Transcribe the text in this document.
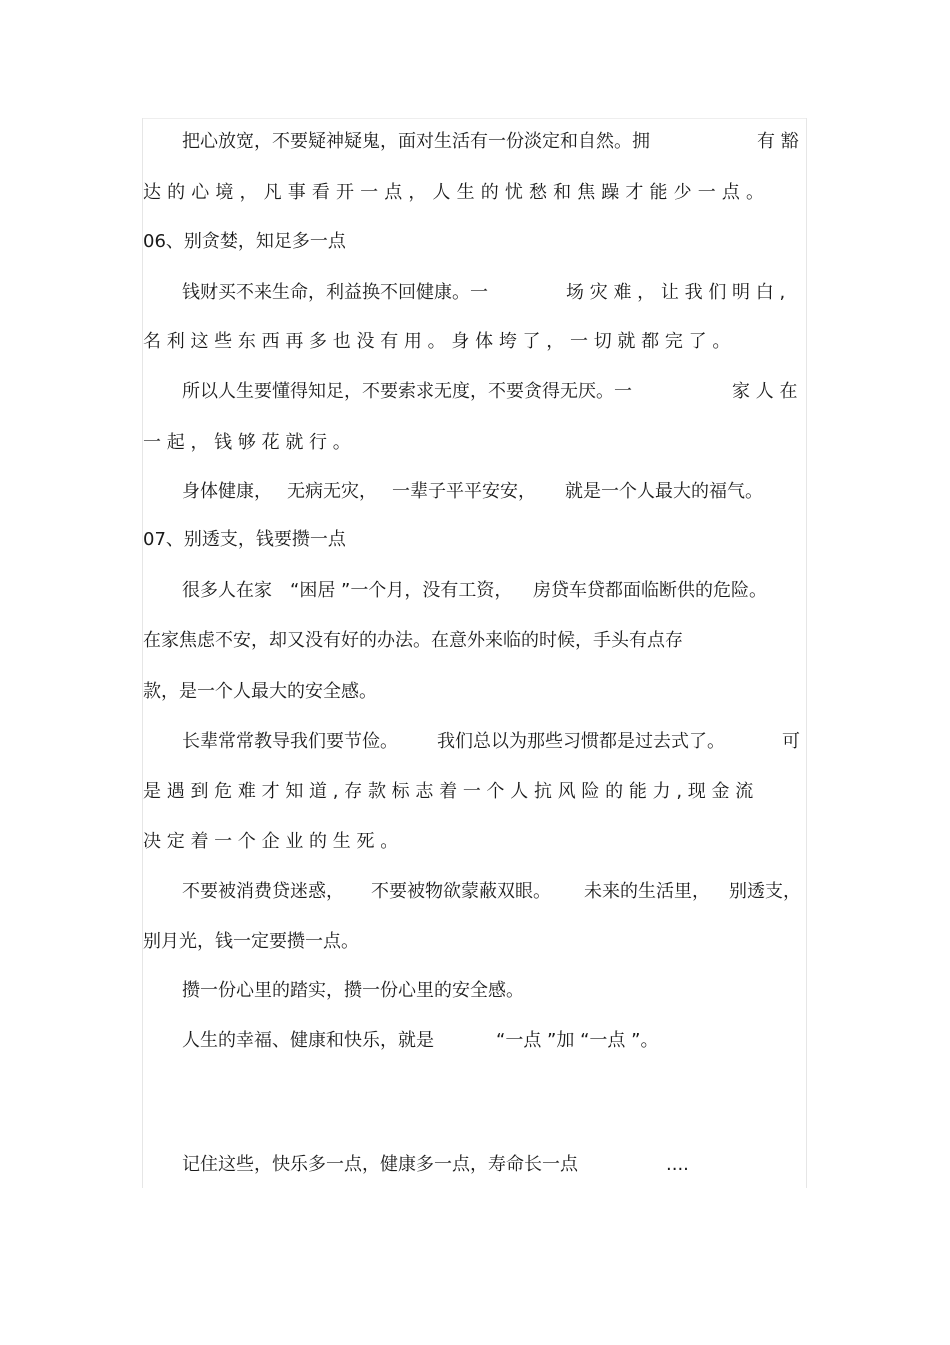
把心放宽，不要疑神疑鬼，面对生活有一份淡定和自然。拥	有 豁
达 的 心 境 ， 凡 事 看 开 一 点 ， 人 生 的 忧 愁 和 焦 躁 才 能 少 一 点 。
06、别贪婪，知足多一点
钱财买不来生命，利益换不回健康。一	场 灾 难 ， 让 我 们 明 白 ,
名 利 这 些 东 西 再 多 也 没 有 用 。 身 体 垮 了 ， 一 切 就 都 完 了 。
所以人生要懂得知足，不要索求无度，不要贪得无厌。一	家 人 在
一 起 ， 钱 够 花 就 行 。
身体健康， 无病无灾， 一辈子平平安安， 就是一个人最大的福气。
07、别透支，钱要攒一点
很多人在家 “困居 ”一个月，没有工资， 房贷车贷都面临断供的危险。
在家焦虑不安，却又没有好的办法。在意外来临的时候，手头有点存
款，是一个人最大的安全感。
长辈常常教导我们要节俭。 我们总以为那些习惯都是过去式了。	可
是 遇 到 危 难 才 知 道 , 存 款 标 志 着 一 个 人 抗 风 险 的 能 力 , 现 金 流
决 定 着 一 个 企 业 的 生 死 。
不要被消费贷迷惑， 不要被物欲蒙蔽双眼。 未来的生活里， 别透支，
别月光，钱一定要攒一点。
攒一份心里的踏实，攒一份心里的安全感。
人生的幸福、健康和快乐，就是	“一点 ”加 “一点 ”。
记住这些，快乐多一点，健康多一点，寿命长一点	....
